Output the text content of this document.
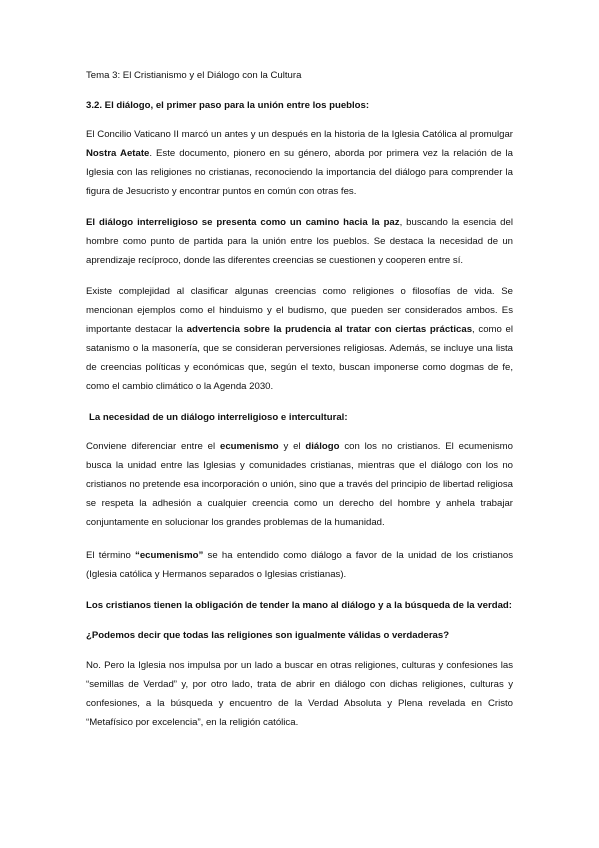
Tema 3: El Cristianismo y el Diálogo con la Cultura

3.2. El diálogo, el primer paso para la unión entre los pueblos:

El Concilio Vaticano II marcó un antes y un después en la historia de la Iglesia Católica al promulgar Nostra Aetate. Este documento, pionero en su género, aborda por primera vez la relación de la Iglesia con las religiones no cristianas, reconociendo la importancia del diálogo para comprender la figura de Jesucristo y encontrar puntos en común con otras fes.

El diálogo interreligioso se presenta como un camino hacia la paz, buscando la esencia del hombre como punto de partida para la unión entre los pueblos. Se destaca la necesidad de un aprendizaje recíproco, donde las diferentes creencias se cuestionen y cooperen entre sí.

Existe complejidad al clasificar algunas creencias como religiones o filosofías de vida. Se mencionan ejemplos como el hinduismo y el budismo, que pueden ser considerados ambos. Es importante destacar la advertencia sobre la prudencia al tratar con ciertas prácticas, como el satanismo o la masonería, que se consideran perversiones religiosas. Además, se incluye una lista de creencias políticas y económicas que, según el texto, buscan imponerse como dogmas de fe, como el cambio climático o la Agenda 2030.

La necesidad de un diálogo interreligioso e intercultural:

Conviene diferenciar entre el ecumenismo y el diálogo con los no cristianos. El ecumenismo busca la unidad entre las Iglesias y comunidades cristianas, mientras que el diálogo con los no cristianos no pretende esa incorporación o unión, sino que a través del principio de libertad religiosa se respeta la adhesión a cualquier creencia como un derecho del hombre y anhela trabajar conjuntamente en solucionar los grandes problemas de la humanidad.

El término “ecumenismo” se ha entendido como diálogo a favor de la unidad de los cristianos (Iglesia católica y Hermanos separados o Iglesias cristianas).

Los cristianos tienen la obligación de tender la mano al diálogo y a la búsqueda de la verdad:

¿Podemos decir que todas las religiones son igualmente válidas o verdaderas?

No. Pero la Iglesia nos impulsa por un lado a buscar en otras religiones, culturas y confesiones las “semillas de Verdad” y, por otro lado, trata de abrir en diálogo con dichas religiones, culturas y confesiones, a la búsqueda y encuentro de la Verdad Absoluta y Plena revelada en Cristo “Metafísico por excelencia”, en la religión católica.
